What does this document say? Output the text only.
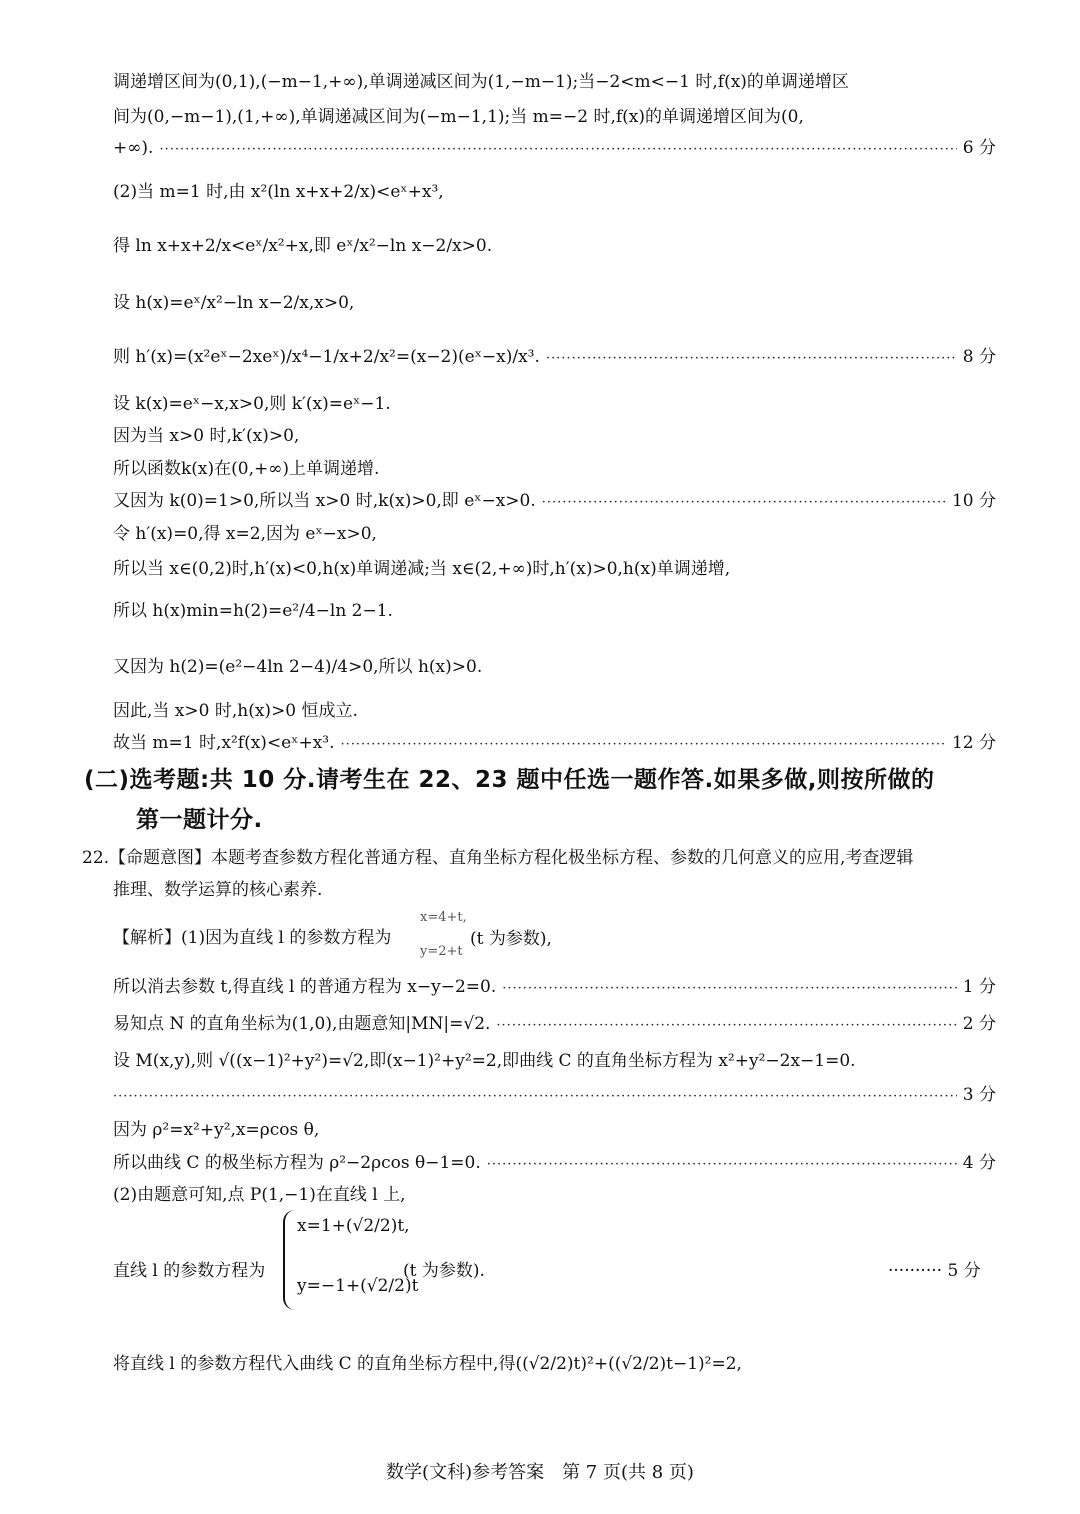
调递增区间为(0,1),(−m−1,+∞),单调递减区间为(1,−m−1);当−2<m<−1 时,f(x)的单调递增区
间为(0,−m−1),(1,+∞),单调递减区间为(−m−1,1);当 m=−2 时,f(x)的单调递增区间为(0,
+∞). ·····	6 分
(2)当 m=1 时,由 x²(ln x+x+2/x)<eˣ+x³,
得 ln x+x+2/x<eˣ/x²+x,即 eˣ/x²−ln x−2/x>0.
设 h(x)=eˣ/x²−ln x−2/x,x>0,
则 h′(x)=(x²eˣ−2xeˣ)/x⁴−1/x+2/x²=(x−2)(eˣ−x)/x³. ·····	8 分
设 k(x)=eˣ−x,x>0,则 k′(x)=eˣ−1.
因为当 x>0 时,k′(x)>0,
所以函数k(x)在(0,+∞)上单调递增.
又因为 k(0)=1>0,所以当 x>0 时,k(x)>0,即 eˣ−x>0. ·····	10 分
令 h′(x)=0,得 x=2,因为 eˣ−x>0,
所以当 x∈(0,2)时,h′(x)<0,h(x)单调递减;当 x∈(2,+∞)时,h′(x)>0,h(x)单调递增,
所以 h(x)min=h(2)=e²/4−ln 2−1.
又因为 h(2)=(e²−4ln 2−4)/4>0,所以 h(x)>0.
因此,当 x>0 时,h(x)>0 恒成立.
故当 m=1 时,x²f(x)<eˣ+x³. ·····	12 分
(二)选考题:共 10 分.请考生在 22、23 题中任选一题作答.如果多做,则按所做的
第一题计分.
22.【命题意图】本题考查参数方程化普通方程、直角坐标方程化极坐标方程、参数的几何意义的应用,考查逻辑
推理、数学运算的核心素养.
【解析】(1)因为直线 l 的参数方程为
x=4+t,
y=2+t
(t 为参数),
所以消去参数 t,得直线 l 的普通方程为 x−y−2=0. ·····	1 分
易知点 N 的直角坐标为(1,0),由题意知|MN|=√2. ·····	2 分
设 M(x,y),则 √((x−1)²+y²)=√2,即(x−1)²+y²=2,即曲线 C 的直角坐标方程为 x²+y²−2x−1=0.
·····
3 分
因为 ρ²=x²+y²,x=ρcos θ,
所以曲线 C 的极坐标方程为 ρ²−2ρcos θ−1=0. ·····	4 分
(2)由题意可知,点 P(1,−1)在直线 l 上,
直线 l 的参数方程为
x=1+(√2/2)t,
y=−1+(√2/2)t
(t 为参数).	·········· 5 分
将直线 l 的参数方程代入曲线 C 的直角坐标方程中,得((√2/2)t)²+((√2/2)t−1)²=2,
数学(文科)参考答案　第 7 页(共 8 页)
